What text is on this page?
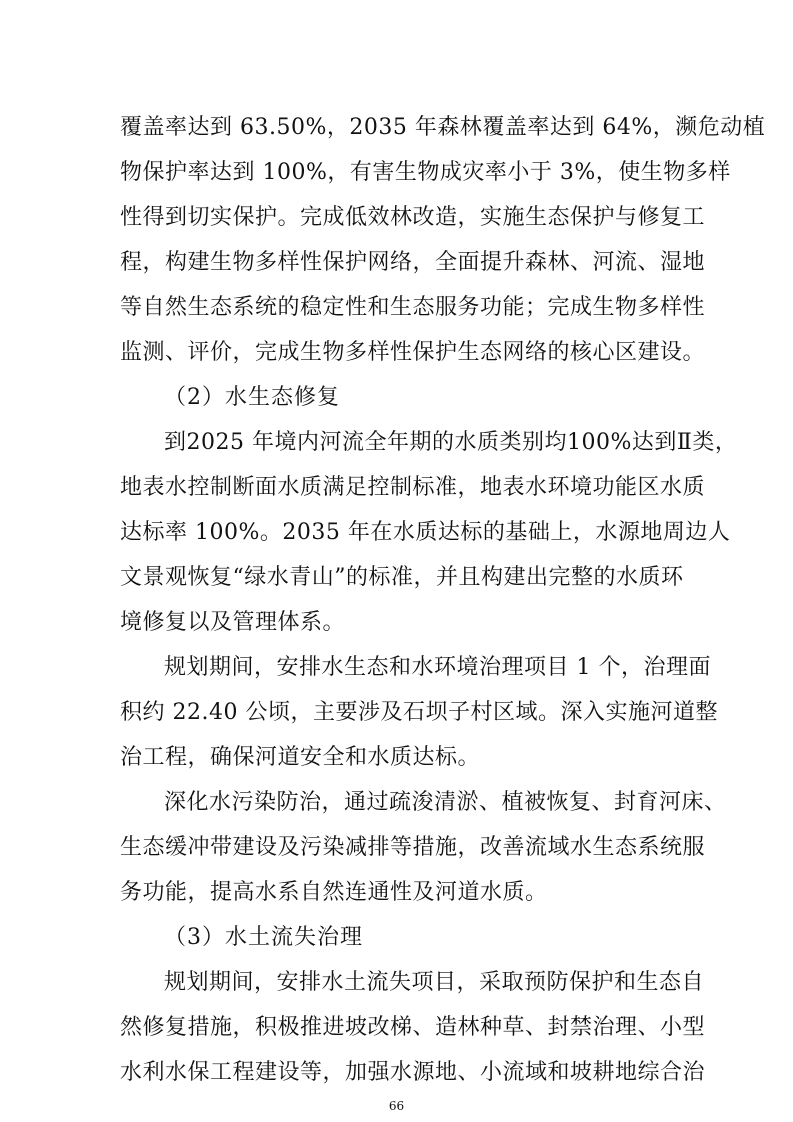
覆盖率达到 63.50%，2035 年森林覆盖率达到 64%，濒危动植
物保护率达到 100%，有害生物成灾率小于 3%，使生物多样
性得到切实保护。完成低效林改造，实施生态保护与修复工
程，构建生物多样性保护网络，全面提升森林、河流、湿地
等自然生态系统的稳定性和生态服务功能；完成生物多样性
监测、评价，完成生物多样性保护生态网络的核心区建设。
（2）水生态修复
到2025 年境内河流全年期的水质类别均100%达到Ⅱ类，
地表水控制断面水质满足控制标准，地表水环境功能区水质
达标率 100%。2035 年在水质达标的基础上，水源地周边人
文景观恢复“绿水青山”的标准，并且构建出完整的水质环
境修复以及管理体系。
规划期间，安排水生态和水环境治理项目 1 个，治理面
积约 22.40 公顷，主要涉及石坝子村区域。深入实施河道整
治工程，确保河道安全和水质达标。
深化水污染防治，通过疏浚清淤、植被恢复、封育河床、
生态缓冲带建设及污染减排等措施，改善流域水生态系统服
务功能，提高水系自然连通性及河道水质。
（3）水土流失治理
规划期间，安排水土流失项目，采取预防保护和生态自
然修复措施，积极推进坡改梯、造林种草、封禁治理、小型
水利水保工程建设等，加强水源地、小流域和坡耕地综合治
66
